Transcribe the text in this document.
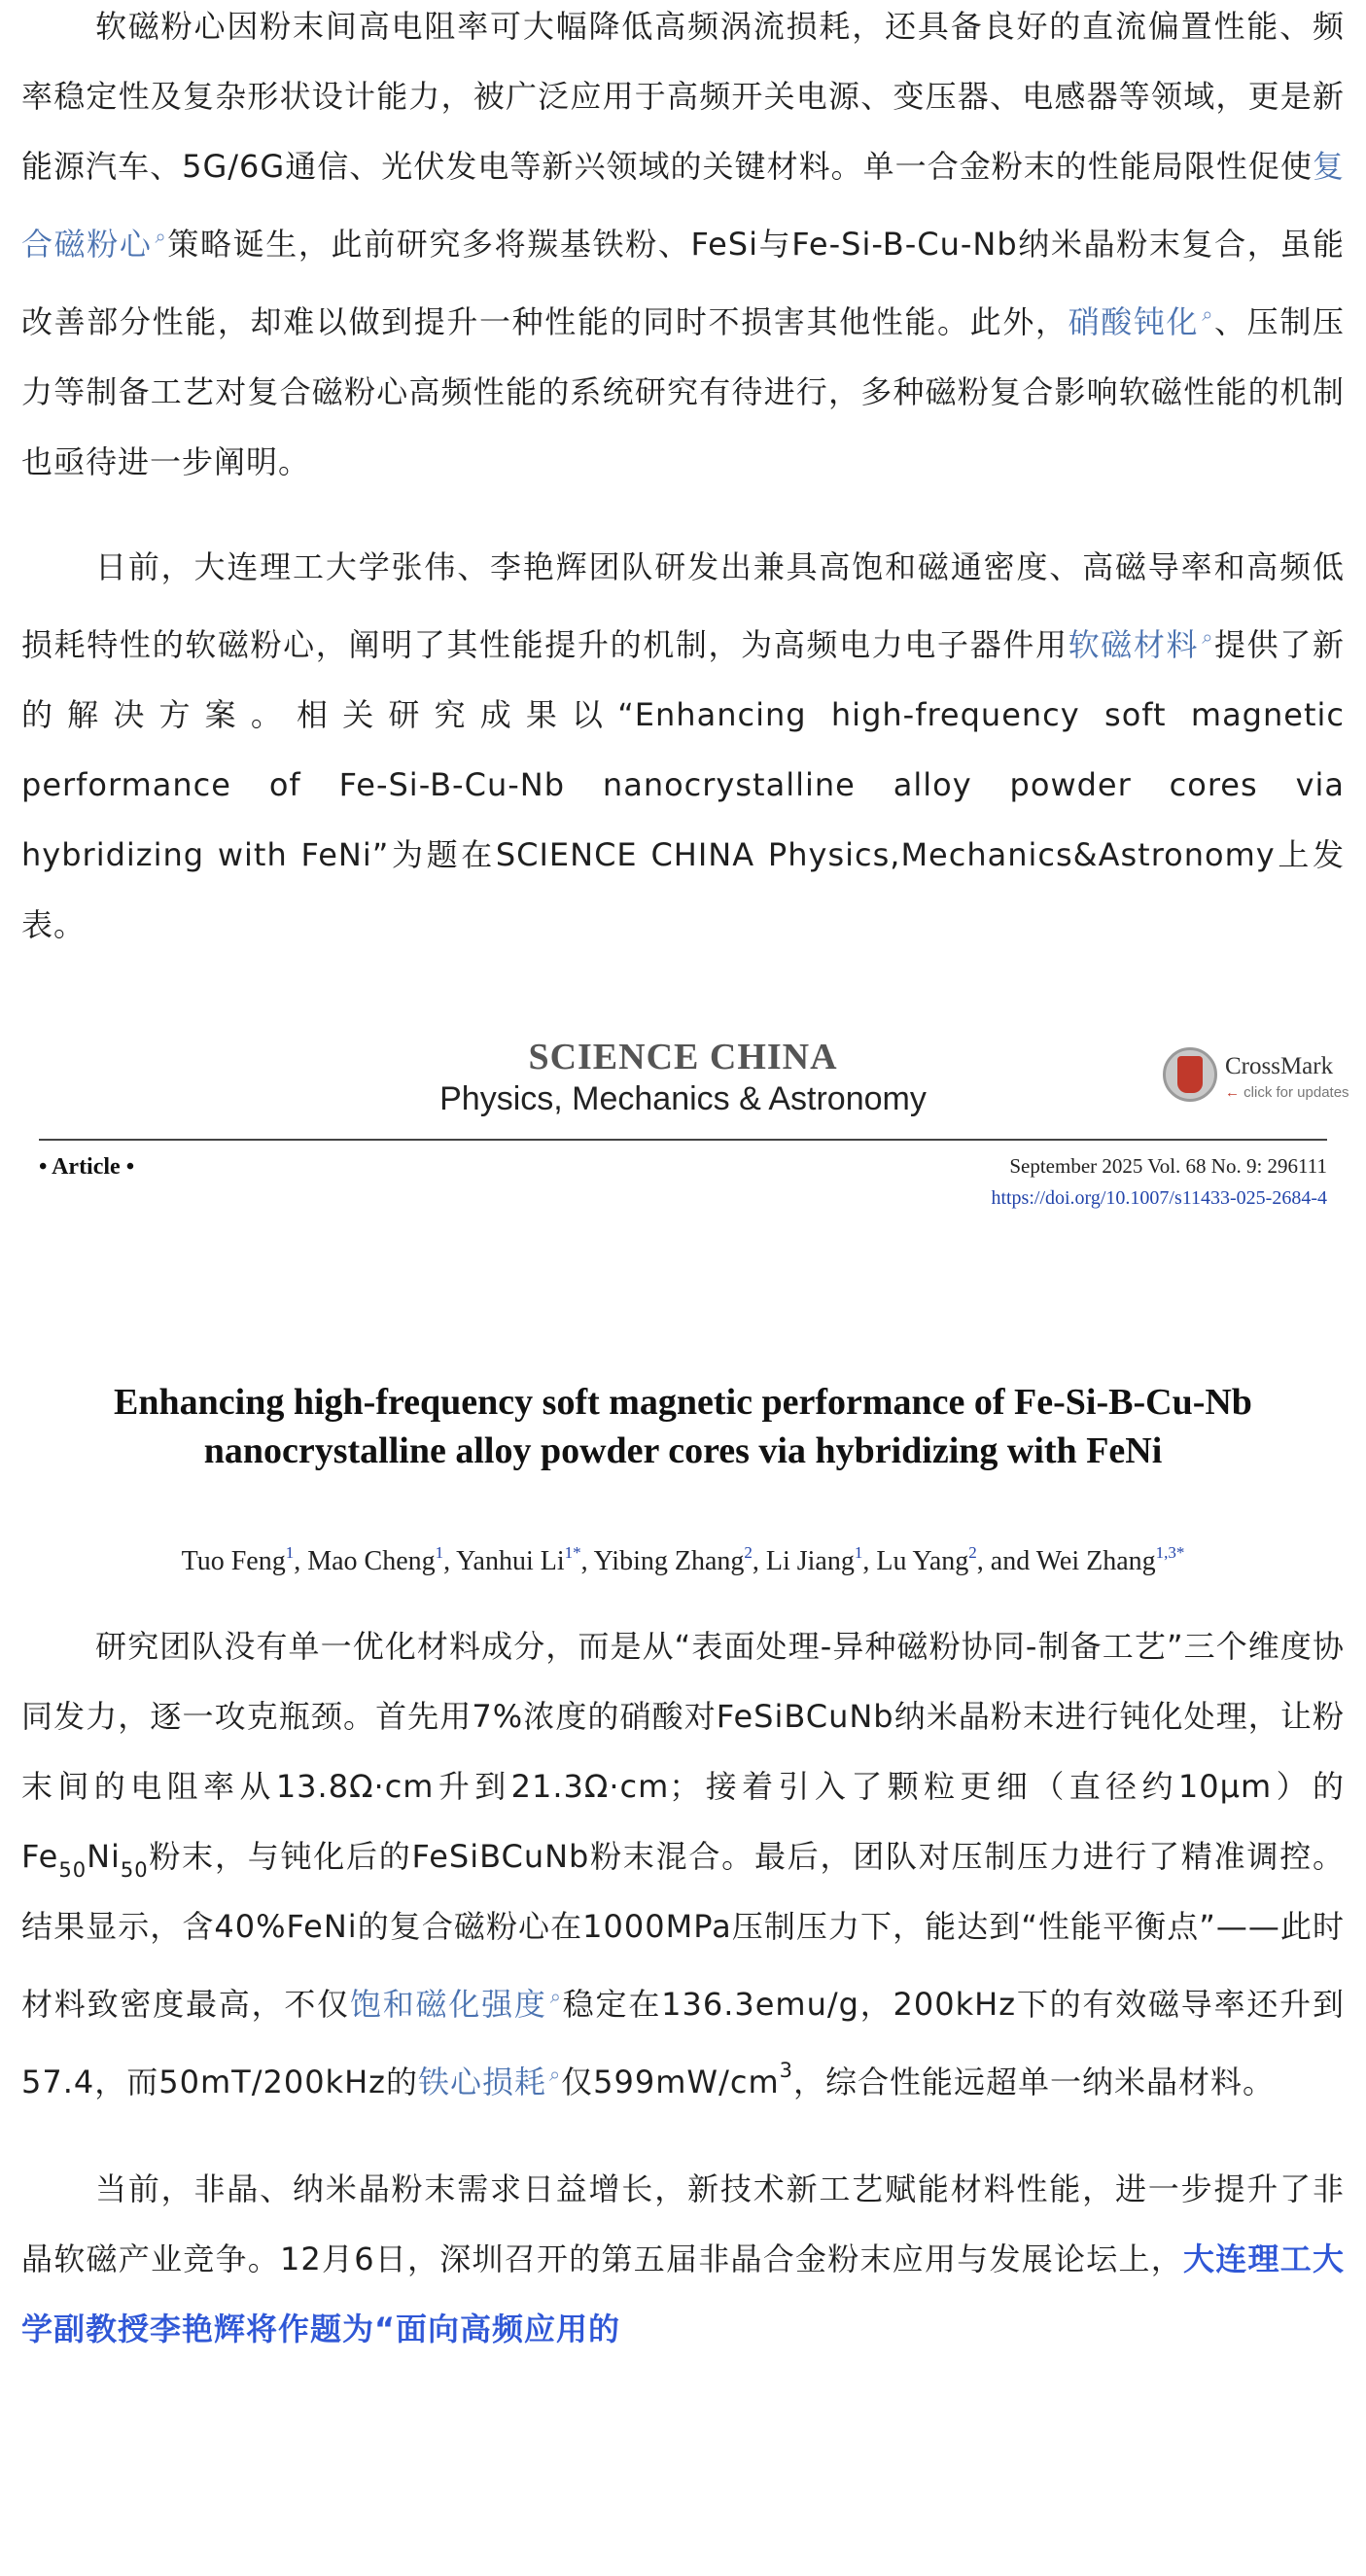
软磁粉心因粉末间高电阻率可大幅降低高频涡流损耗，还具备良好的直流偏置性能、频率稳定性及复杂形状设计能力，被广泛应用于高频开关电源、变压器、电感器等领域，更是新能源汽车、5G/6G通信、光伏发电等新兴领域的关键材料。单一合金粉末的性能局限性促使复合磁粉心 ⌕策略诞生，此前研究多将羰基铁粉、FeSi与Fe-Si-B-Cu-Nb纳米晶粉末复合，虽能改善部分性能，却难以做到提升一种性能的同时不损害其他性能。此外，硝酸钝化 ⌕、压制压力等制备工艺对复合磁粉心高频性能的系统研究有待进行，多种磁粉复合影响软磁性能的机制也亟待进一步阐明。

日前，大连理工大学张伟、李艳辉团队研发出兼具高饱和磁通密度、高磁导率和高频低损耗特性的软磁粉心，阐明了其性能提升的机制，为高频电力电子器件用软磁材料 ⌕提供了新的解决方案。相关研究成果以“Enhancing high-frequency soft magnetic performance of Fe-Si-B-Cu-Nb nanocrystalline alloy powder cores via hybridizing with FeNi”为题在SCIENCE CHINA Physics,Mechanics&Astronomy上发表。

SCIENCE CHINA
Physics, Mechanics & Astronomy
CrossMark
← click for updates
• Article •	September 2025 Vol. 68 No. 9: 296111
https://doi.org/10.1007/s11433-025-2684-4
Enhancing high-frequency soft magnetic performance of Fe-Si-B-Cu-Nb nanocrystalline alloy powder cores via hybridizing with FeNi
Tuo Feng$^1$, Mao Cheng$^1$, Yanhui Li$^{1*}$, Yibing Zhang$^2$, Li Jiang$^1$, Lu Yang$^2$, and Wei Zhang$^{1,3*}$

研究团队没有单一优化材料成分，而是从“表面处理-异种磁粉协同-制备工艺”三个维度协同发力，逐一攻克瓶颈。首先用7%浓度的硝酸对FeSiBCuNb纳米晶粉末进行钝化处理，让粉末间的电阻率从13.8Ω·cm升到21.3Ω·cm；接着引入了颗粒更细（直径约10μm）的$Fe_{50}Ni_{50}$粉末，与钝化后的FeSiBCuNb粉末混合。最后，团队对压制压力进行了精准调控。结果显示，含40%FeNi的复合磁粉心在1000MPa压制压力下，能达到“性能平衡点”——此时材料致密度最高，不仅饱和磁化强度 ⌕稳定在136.3emu/g，200kHz下的有效磁导率还升到57.4，而50mT/200kHz的铁心损耗 ⌕仅$599mW/cm^3$，综合性能远超单一纳米晶材料。

当前，非晶、纳米晶粉末需求日益增长，新技术新工艺赋能材料性能，进一步提升了非晶软磁产业竞争。12月6日，深圳召开的第五届非晶合金粉末应用与发展论坛上，大连理工大学副教授李艳辉将作题为“面向高频应用的
